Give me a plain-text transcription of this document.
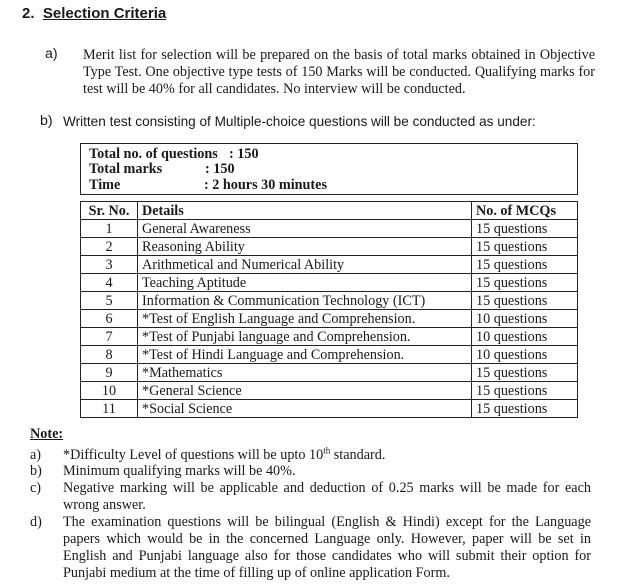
2. Selection Criteria
a) Merit list for selection will be prepared on the basis of total marks obtained in Objective Type Test. One objective type tests of 150 Marks will be conducted. Qualifying marks for test will be 40% for all candidates. No interview will be conducted.
b) Written test consisting of Multiple-choice questions will be conducted as under:
Total no. of questions : 150
Total marks	: 150
Time	: 2 hours 30 minutes
Sr. No.	Details	No. of MCQs
1	General Awareness	15 questions
2	Reasoning Ability	15 questions
3	Arithmetical and Numerical Ability	15 questions
4	Teaching Aptitude	15 questions
5	Information & Communication Technology (ICT)	15 questions
6	*Test of English Language and Comprehension.	10 questions
7	*Test of Punjabi language and Comprehension.	10 questions
8	*Test of Hindi Language and Comprehension.	10 questions
9	*Mathematics	15 questions
10	*General Science	15 questions
11	*Social Science	15 questions
Note:
a)	*Difficulty Level of questions will be upto 10th standard.
b)	Minimum qualifying marks will be 40%.
c)	Negative marking will be applicable and deduction of 0.25 marks will be made for each wrong answer.
d)	The examination questions will be bilingual (English & Hindi) except for the Language papers which would be in the concerned Language only. However, paper will be set in English and Punjabi language also for those candidates who will submit their option for Punjabi medium at the time of filling up of online application Form.
